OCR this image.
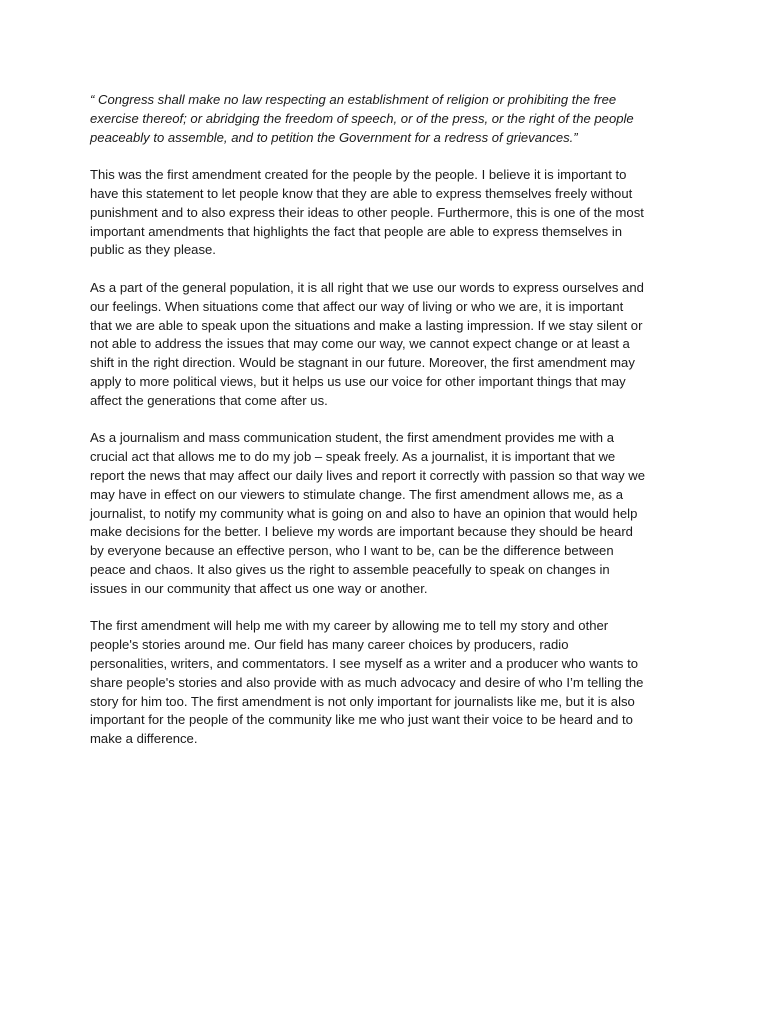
“ Congress shall make no law respecting an establishment of religion or prohibiting the free
exercise thereof; or abridging the freedom of speech, or of the press, or the right of the people
peaceably to assemble, and to petition the Government for a redress of grievances.”

This was the first amendment created for the people by the people. I believe it is important to
have this statement to let people know that they are able to express themselves freely without
punishment and to also express their ideas to other people. Furthermore, this is one of the most
important amendments that highlights the fact that people are able to express themselves in
public as they please.

As a part of the general population, it is all right that we use our words to express ourselves and
our feelings. When situations come that affect our way of living or who we are, it is important
that we are able to speak upon the situations and make a lasting impression. If we stay silent or
not able to address the issues that may come our way, we cannot expect change or at least a
shift in the right direction. Would be stagnant in our future. Moreover, the first amendment may
apply to more political views, but it helps us use our voice for other important things that may
affect the generations that come after us.

As a journalism and mass communication student, the first amendment provides me with a
crucial act that allows me to do my job – speak freely. As a journalist, it is important that we
report the news that may affect our daily lives and report it correctly with passion so that way we
may have in effect on our viewers to stimulate change. The first amendment allows me, as a
journalist, to notify my community what is going on and also to have an opinion that would help
make decisions for the better. I believe my words are important because they should be heard
by everyone because an effective person, who I want to be, can be the difference between
peace and chaos. It also gives us the right to assemble peacefully to speak on changes in
issues in our community that affect us one way or another.

The first amendment will help me with my career by allowing me to tell my story and other
people's stories around me. Our field has many career choices by producers, radio
personalities, writers, and commentators. I see myself as a writer and a producer who wants to
share people's stories and also provide with as much advocacy and desire of who I’m telling the
story for him too. The first amendment is not only important for journalists like me, but it is also
important for the people of the community like me who just want their voice to be heard and to
make a difference.
